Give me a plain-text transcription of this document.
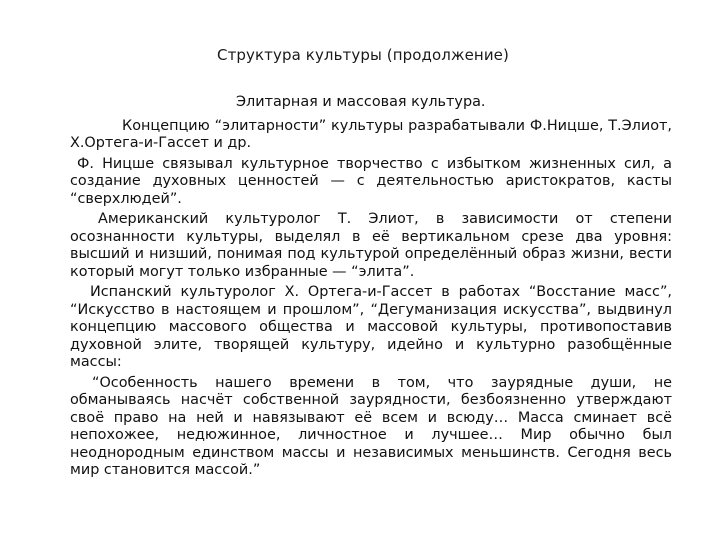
Структура культуры (продолжение)

Элитарная и массовая культура.

Концепцию “элитарности” культуры разрабатывали Ф.Ницше, Т.Элиот, Х.Ортега-и-Гассет и др.

Ф. Ницше связывал культурное творчество с избытком жизненных сил, а создание духовных ценностей — с деятельностью аристократов, касты “сверхлюдей”.

Американский культуролог Т. Элиот, в зависимости от степени осознанности культуры, выделял в её вертикальном срезе два уровня: высший и низший, понимая под культурой определённый образ жизни, вести который могут только избранные — “элита”.

Испанский культуролог Х. Ортега-и-Гассет в работах “Восстание масс”, “Искусство в настоящем и прошлом”, “Дегуманизация искусства”, выдвинул концепцию массового общества и массовой культуры, противопоставив духовной элите, творящей культуру, идейно и культурно разобщённые массы:

“Особенность нашего времени в том, что заурядные души, не обманываясь насчёт собственной заурядности, безбоязненно утверждают своё право на ней и навязывают её всем и всюду… Масса сминает всё непохожее, недюжинное, личностное и лучшее… Мир обычно был неоднородным единством массы и независимых меньшинств. Сегодня весь мир становится массой.”
